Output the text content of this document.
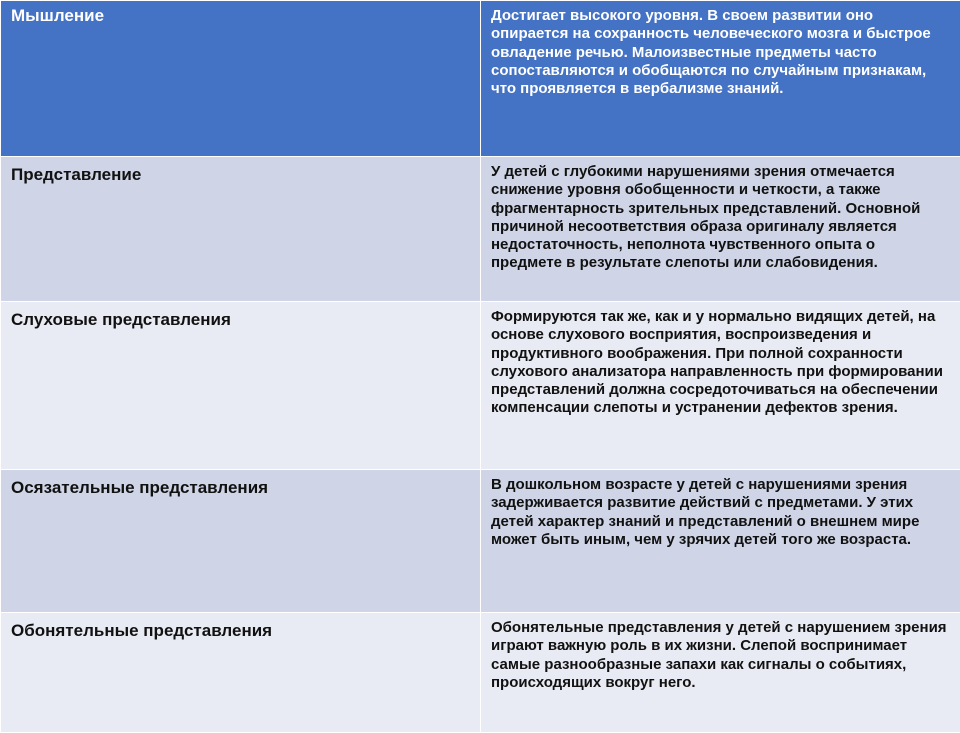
Мышление	Достигает высокого уровня. В своем развитии оно опирается на сохранность человеческого мозга и быстрое овладение речью. Малоизвестные предметы часто сопоставляются и обобщаются по случайным признакам, что проявляется в вербализме знаний.
Представление	У детей с глубокими нарушениями зрения отмечается снижение уровня обобщенности и четкости, а также фрагментарность зрительных представлений. Основной причиной несоответствия образа оригиналу является недостаточность, неполнота чувственного опыта о предмете в результате слепоты или слабовидения.
Слуховые представления	Формируются так же, как и у нормально видящих детей, на основе слухового восприятия, воспроизведения и продуктивного воображения. При полной сохранности слухового анализатора направленность при формировании представлений должна сосредоточиваться на обеспечении компенсации слепоты и устранении дефектов зрения.
Осязательные представления	В дошкольном возрасте у детей с нарушениями зрения задерживается развитие действий с предметами. У этих детей характер знаний и представлений о внешнем мире может быть иным, чем у зрячих детей того же возраста.
Обонятельные представления	Обонятельные представления у детей с нарушением зрения играют важную роль в их жизни. Слепой воспринимает самые разнообразные запахи как сигналы о событиях, происходящих вокруг него.
